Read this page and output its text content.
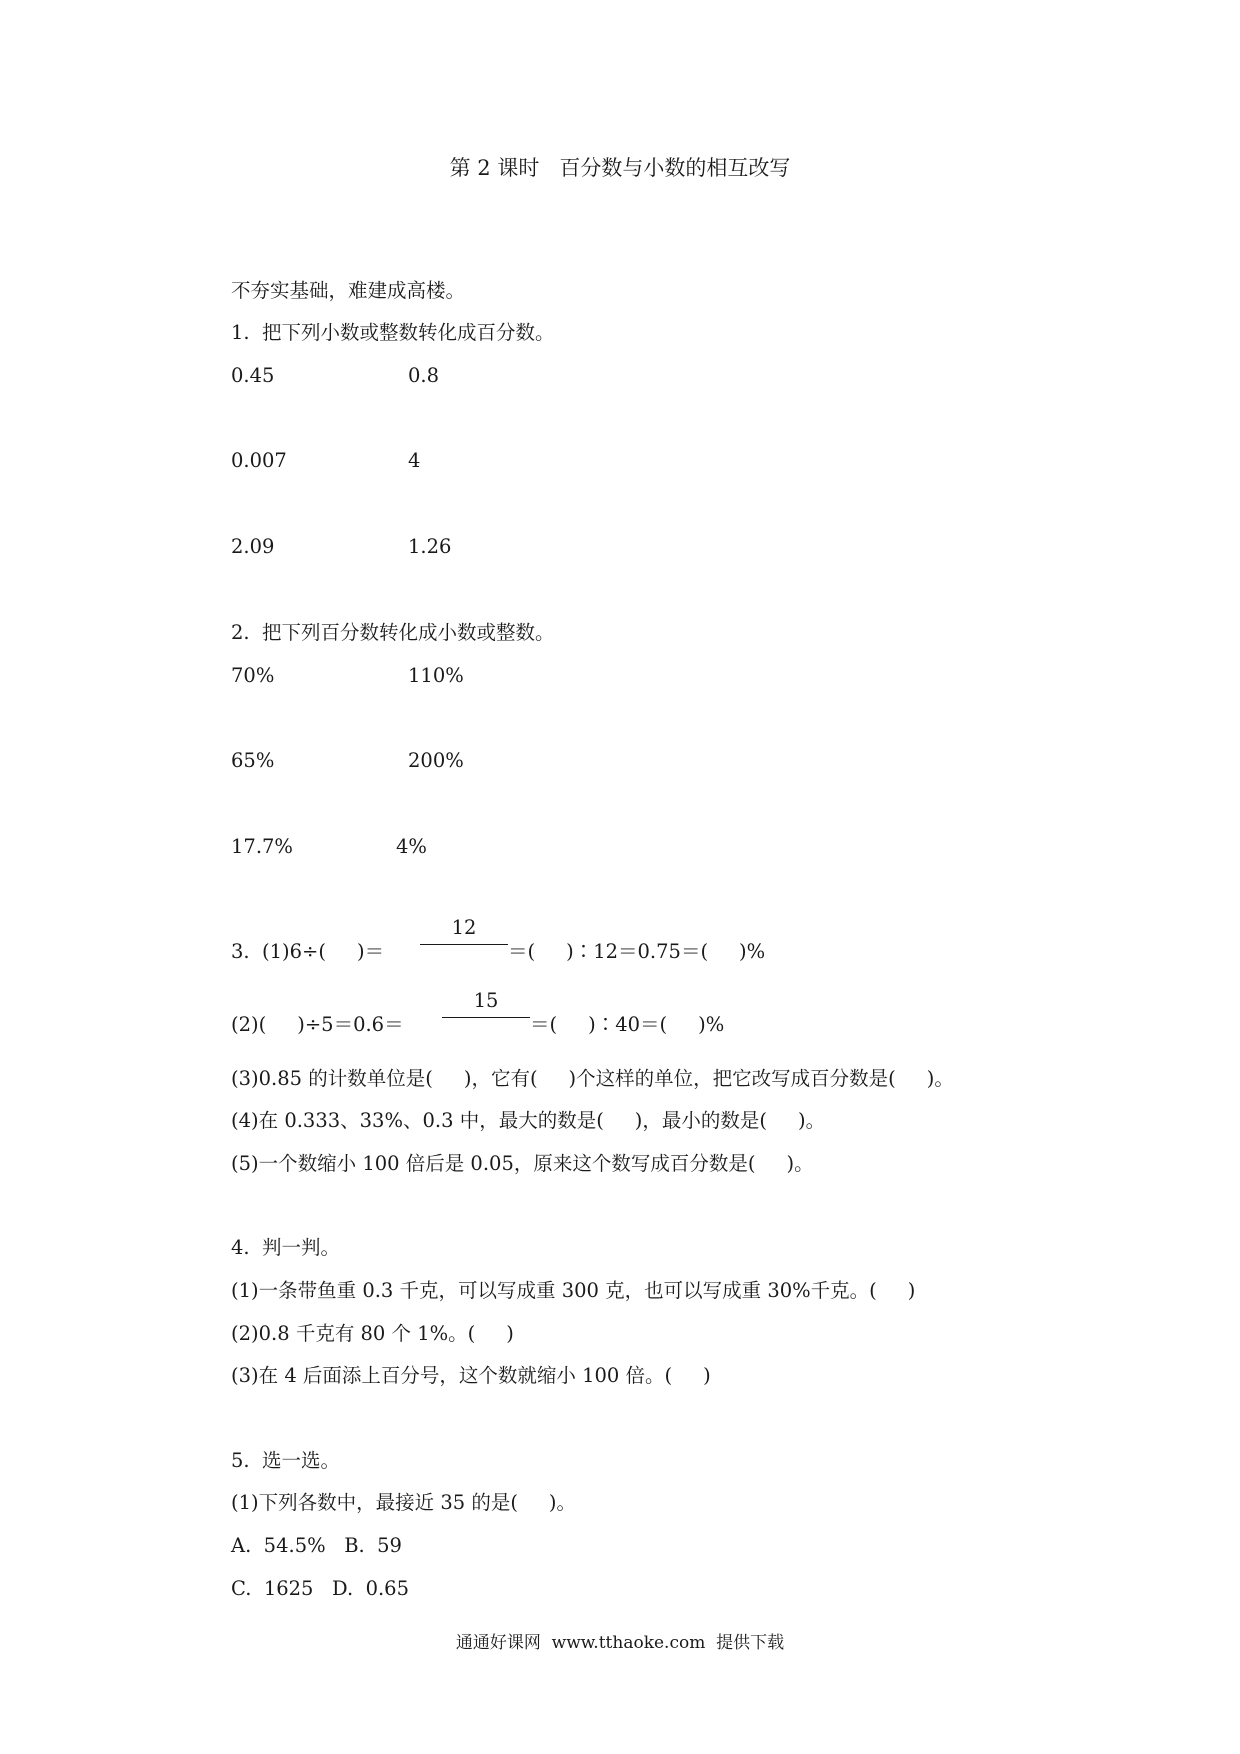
第 2 课时   百分数与小数的相互改写
不夯实基础，难建成高楼。
1.  把下列小数或整数转化成百分数。
0.45	0.8
0.007	4
2.09	1.26
2.  把下列百分数转化成小数或整数。
70%	110%
65%	200%
17.7%	4%
3.  (1)6÷(     )＝
12
＝(     )∶12＝0.75＝(     )%
(2)(     )÷5＝0.6＝
15
＝(     )∶40＝(     )%
(3)0.85 的计数单位是(     )，它有(     )个这样的单位，把它改写成百分数是(     )。
(4)在 0.333、33%、0.3 中，最大的数是(     )，最小的数是(     )。
(5)一个数缩小 100 倍后是 0.05，原来这个数写成百分数是(     )。
4.  判一判。
(1)一条带鱼重 0.3 千克，可以写成重 300 克，也可以写成重 30%千克。(     )
(2)0.8 千克有 80 个 1%。(     )
(3)在 4 后面添上百分号，这个数就缩小 100 倍。(     )
5.  选一选。
(1)下列各数中，最接近 35 的是(     )。
A.  54.5%   B.  59
C.  1625   D.  0.65
通通好课网  www.tthaoke.com  提供下载
